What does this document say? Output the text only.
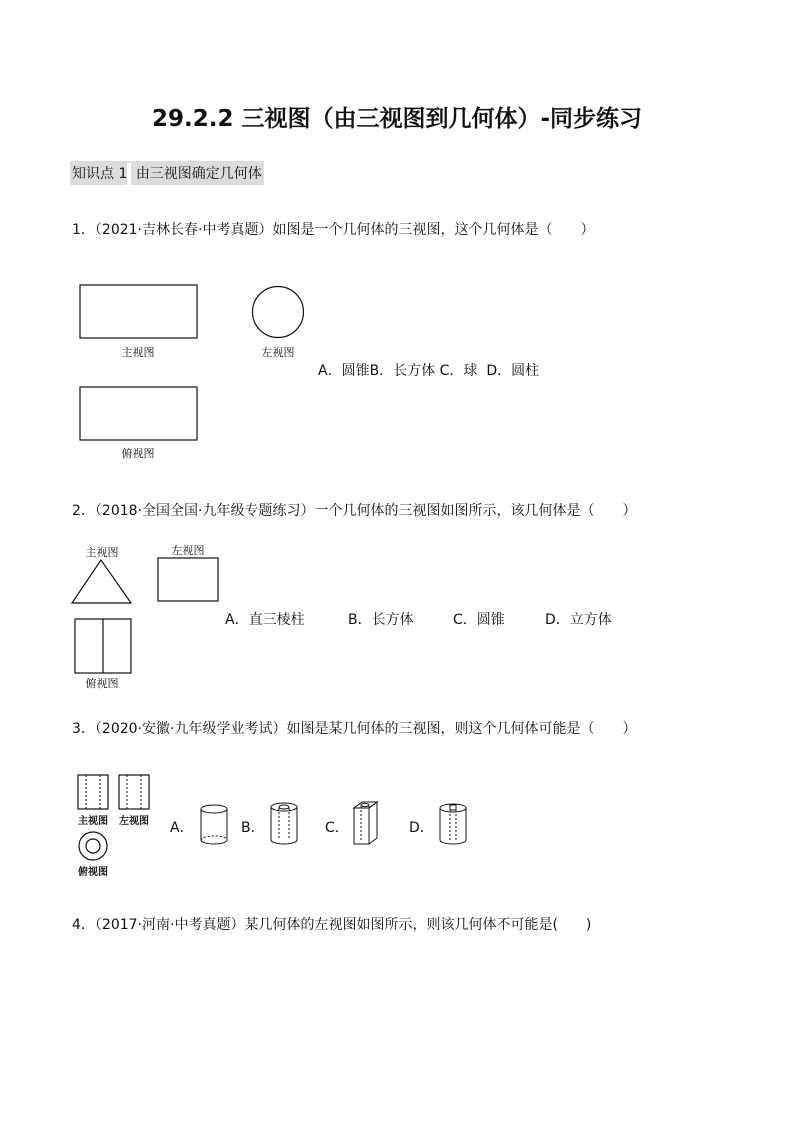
29.2.2 三视图（由三视图到几何体）-同步练习
知识点 1 由三视图确定几何体
1．（2021·吉林长春·中考真题）如图是一个几何体的三视图，这个几何体是（　　）
主视图	左视图
俯视图
A．圆锥B．长方体 C．球 D．圆柱
2．（2018·全国全国·九年级专题练习）一个几何体的三视图如图所示，该几何体是（　　）
主视图	左视图
俯视图
A．直三棱柱	B．长方体	C．圆锥	D．立方体
3．（2020·安徽·九年级学业考试）如图是某几何体的三视图，则这个几何体可能是（　　）
主视图	左视图
俯视图
A．	B．	C．	D．
4．（2017·河南·中考真题）某几何体的左视图如图所示，则该几何体不可能是(　　)
